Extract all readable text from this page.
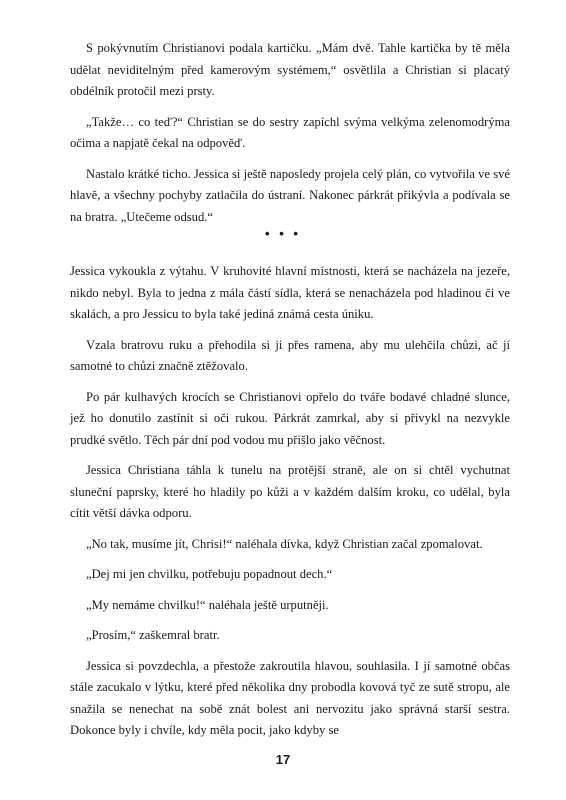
S pokývnutím Christianovi podala kartičku. „Mám dvě. Tahle kartička by tě měla udělat neviditelným před kamerovým systémem,“ osvětlila a Christian si placatý obdélník protočil mezi prsty.

„Takže… co teď?“ Christian se do sestry zapíchl svýma velkýma zelenomodrýma očima a napjatě čekal na odpověď.

Nastalo krátké ticho. Jessica si ještě naposledy projela celý plán, co vytvořila ve své hlavě, a všechny pochyby zatlačila do ústraní. Nakonec párkrát přikývla a podívala se na bratra. „Utečeme odsud.“

• • •

Jessica vykoukla z výtahu. V kruhovité hlavní místnosti, která se nacházela na jezeře, nikdo nebyl. Byla to jedna z mála částí sídla, která se nenacházela pod hladinou či ve skalách, a pro Jessicu to byla také jediná známá cesta úniku.

Vzala bratrovu ruku a přehodila si ji přes ramena, aby mu ulehčila chůzi, ač jí samotné to chůzi značně ztěžovalo.

Po pár kulhavých krocích se Christianovi opřelo do tváře bodavé chladné slunce, jež ho donutilo zastínit si oči rukou. Párkrát zamrkal, aby si přivykl na nezvykle prudké světlo. Těch pár dní pod vodou mu přišlo jako věčnost.

Jessica Christiana táhla k tunelu na protější straně, ale on si chtěl vychutnat sluneční paprsky, které ho hladily po kůži a v každém dalším kroku, co udělal, byla cítit větší dávka odporu.

„No tak, musíme jít, Chrisi!“ naléhala dívka, když Christian začal zpomalovat.

„Dej mi jen chvilku, potřebuju popadnout dech.“

„My nemáme chvilku!“ naléhala ještě urputněji.

„Prosím,“ zaškemral bratr.

Jessica si povzdechla, a přestože zakroutila hlavou, souhlasila. I jí samotné občas stále zacukalo v lýtku, které před několika dny probodla kovová tyč ze sutě stropu, ale snažila se nenechat na sobě znát bolest ani nervozitu jako správná starší sestra. Dokonce byly i chvíle, kdy měla pocit, jako kdyby se

17
